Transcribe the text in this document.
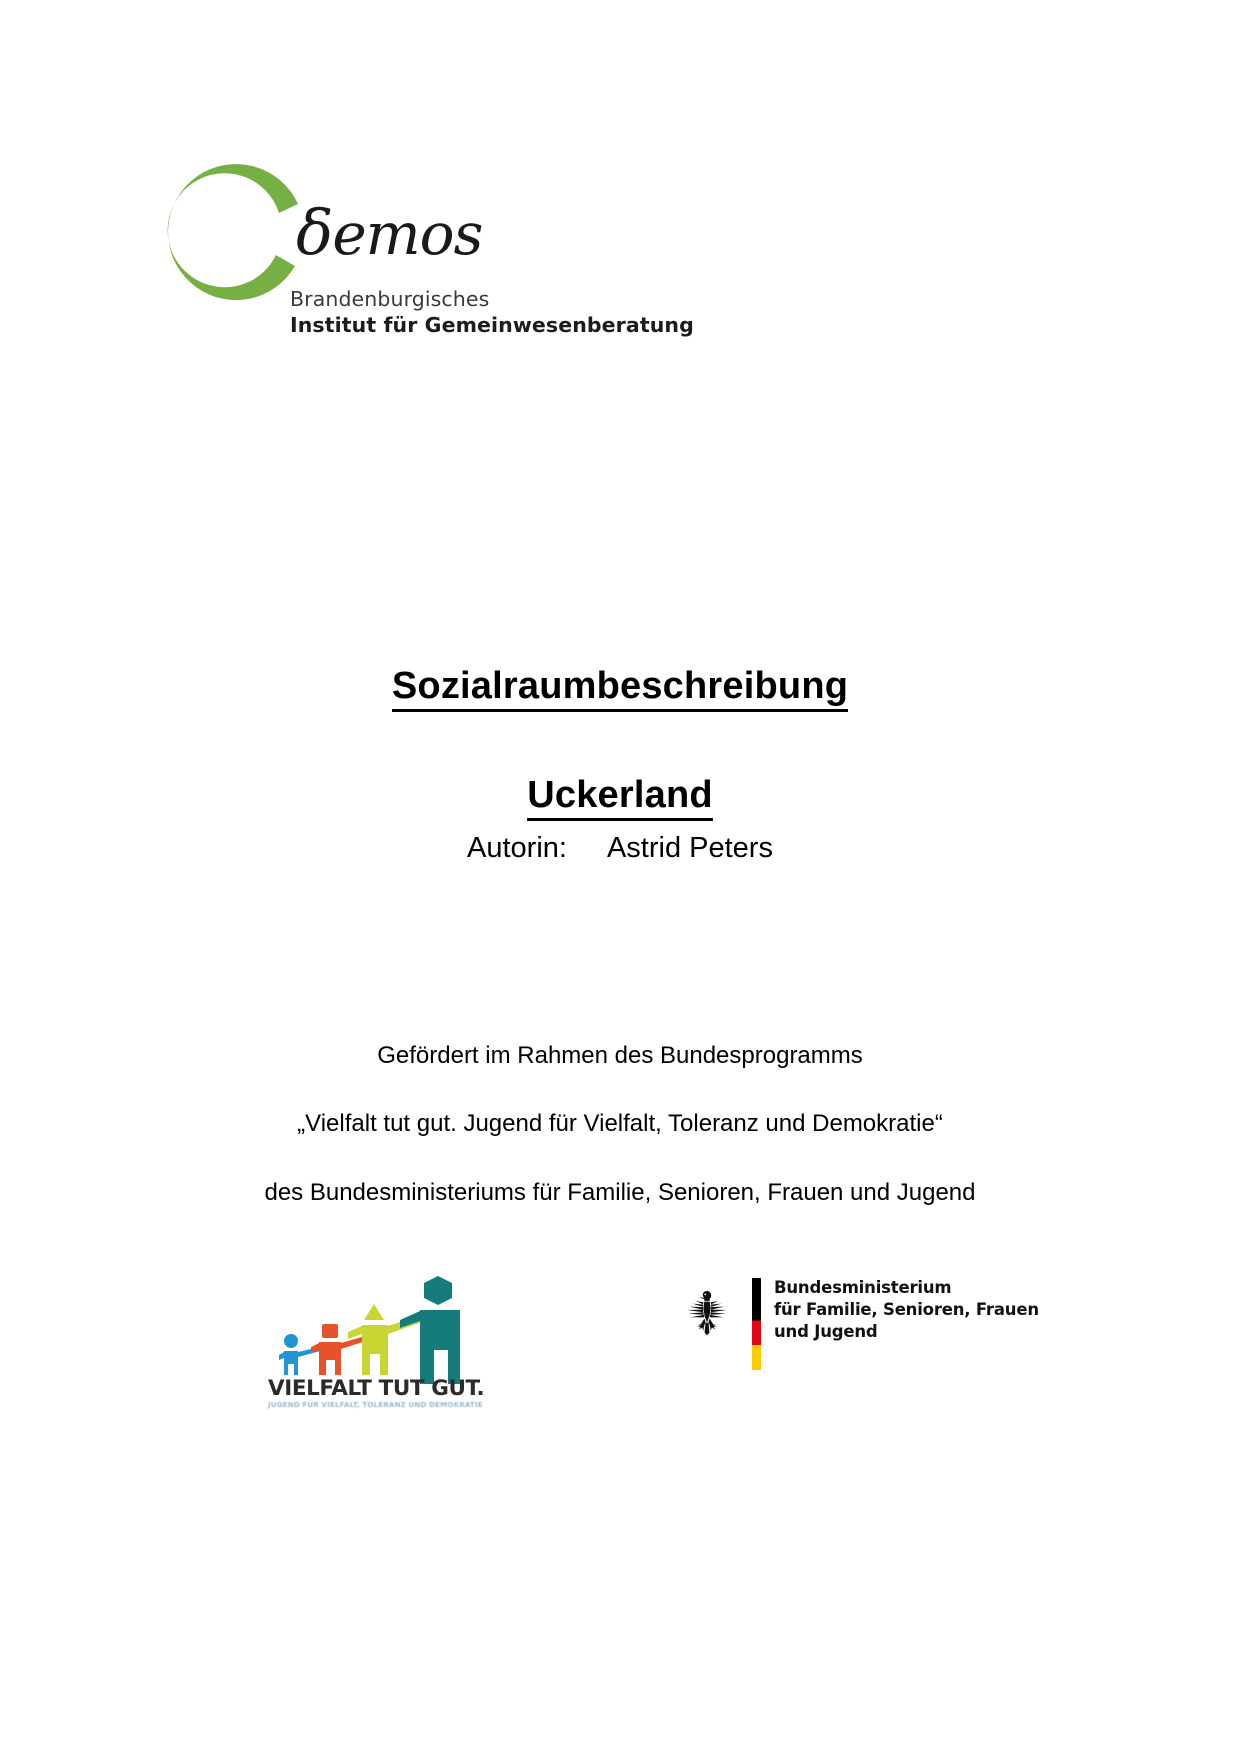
δemos
Brandenburgisches
Institut für Gemeinwesenberatung
Sozialraumbeschreibung
Uckerland
Autorin: Astrid Peters

Gefördert im Rahmen des Bundesprogramms

„Vielfalt tut gut. Jugend für Vielfalt, Toleranz und Demokratie“

des Bundesministeriums für Familie, Senioren, Frauen und Jugend

VIELFALT TUT GUT.
JUGEND FÜR VIELFALT, TOLERANZ UND DEMOKRATIE
Bundesministerium
für Familie, Senioren, Frauen
und Jugend
